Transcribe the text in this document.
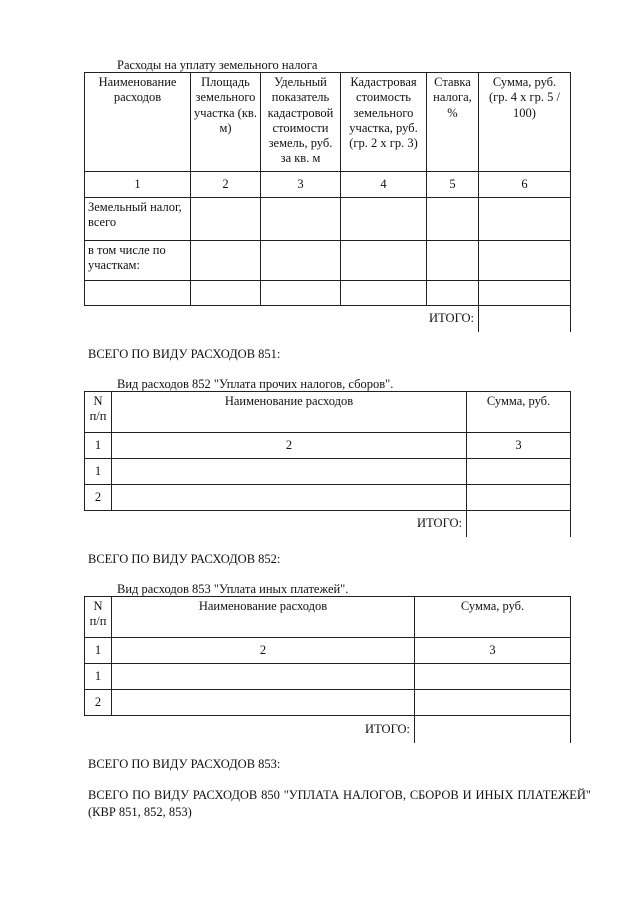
Расходы на уплату земельного налога
Наименование расходов	Площадь земельного участка (кв. м)	Удельный показатель кадастровой стоимости земель, руб. за кв. м	Кадастровая стоимость земельного участка, руб. (гр. 2 x гр. 3)	Ставка налога, %	Сумма, руб. (гр. 4 x гр. 5 / 100)
1	2	3	4	5	6
Земельный налог, всего					
в том числе по участкам:					

ИТОГО:					
ВСЕГО ПО ВИДУ РАСХОДОВ 851:
Вид расходов 852 "Уплата прочих налогов, сборов".
N п/п	Наименование расходов	Сумма, руб.
1	2	3
1		
2		
ИТОГО:		
ВСЕГО ПО ВИДУ РАСХОДОВ 852:
Вид расходов 853 "Уплата иных платежей".
N п/п	Наименование расходов	Сумма, руб.
1	2	3
1		
2		
ИТОГО:		
ВСЕГО ПО ВИДУ РАСХОДОВ 853:
ВСЕГО ПО ВИДУ РАСХОДОВ 850 "УПЛАТА НАЛОГОВ, СБОРОВ И ИНЫХ ПЛАТЕЖЕЙ" (КВР 851, 852, 853)
